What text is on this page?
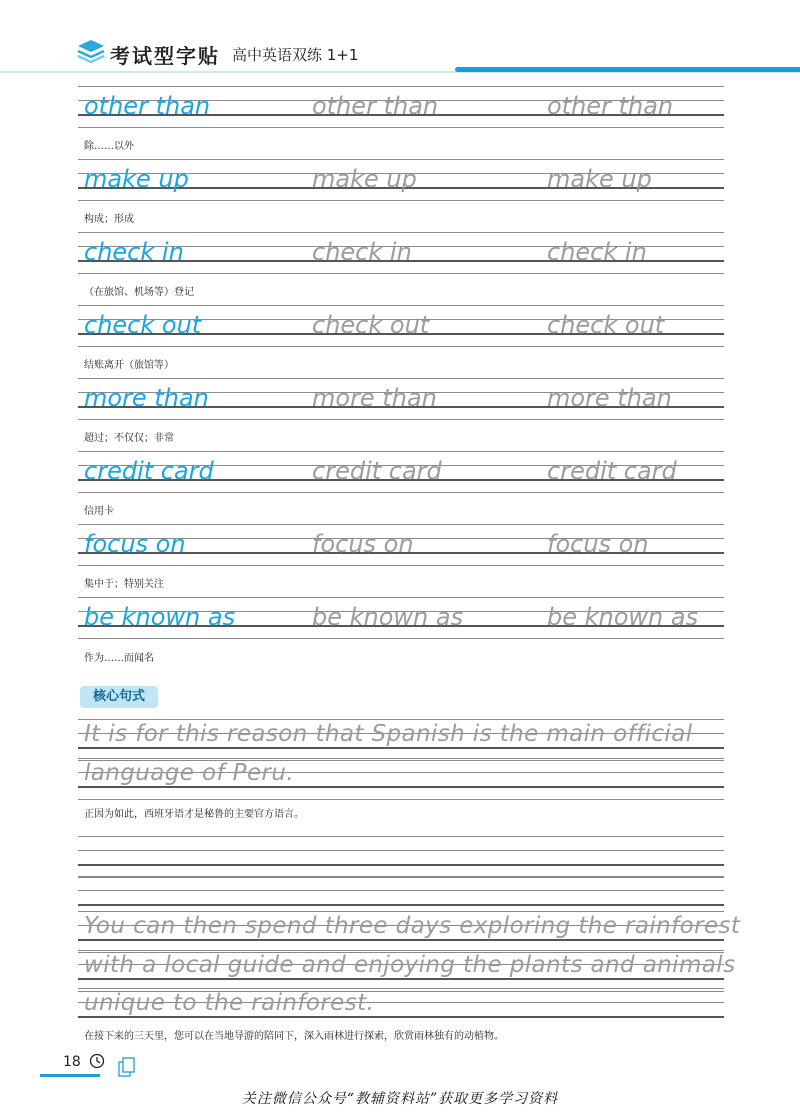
考试型字贴 高中英语双练 1+1
other than	other than	other than
除……以外
make up	make up	make up
构成；形成
check in	check in	check in
（在旅馆、机场等）登记
check out	check out	check out
结账离开（旅馆等）
more than	more than	more than
超过；不仅仅；非常
credit card	credit card	credit card
信用卡
focus on	focus on	focus on
集中于；特别关注
be known as	be known as	be known as
作为……而闻名
核心句式
It is for this reason that Spanish is the main official
language of Peru.
正因为如此，西班牙语才是秘鲁的主要官方语言。
You can then spend three days exploring the rainforest
with a local guide and enjoying the plants and animals
unique to the rainforest.
在接下来的三天里，您可以在当地导游的陪同下，深入雨林进行探索，欣赏雨林独有的动植物。
18
关注微信公众号“教辅资料站”获取更多学习资料
